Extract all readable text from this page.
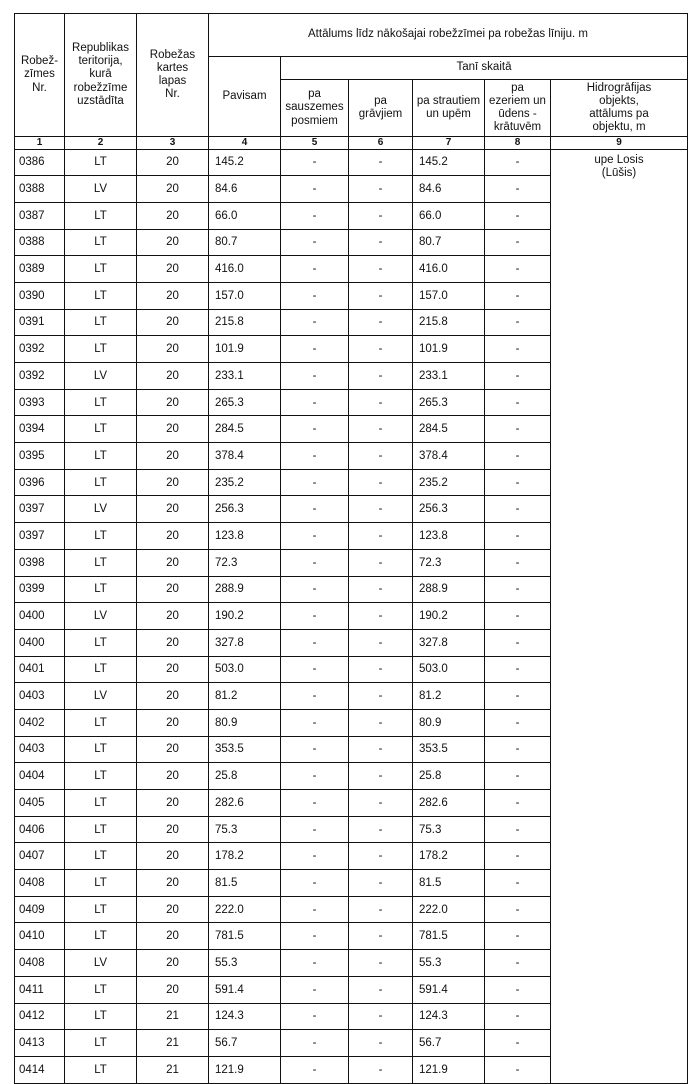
Robež-
zīmes
Nr.	Republikas
teritorija,
kurā
robežzīme
uzstādīta	Robežas
kartes
lapas
Nr.	Attālums līdz nākošajai robežzīmei pa robežas līniju. m					
			Pavisam	Tanī skaitā				
				pa
sauszemes
posmiem	pa
grāvjiem	pa strautiem
un upēm	pa
ezeriem un
ūdens -
krātuvēm	Hidrogrāfijas
objekts,
attālums pa
objektu, m
1	2	3	4	5	6	7	8	9
0386	LT	20	145.2	-	-	145.2	-	upe Losis
(Lūšis)
0388	LV	20	84.6	-	-	84.6	-	
0387	LT	20	66.0	-	-	66.0	-	
0388	LT	20	80.7	-	-	80.7	-	
0389	LT	20	416.0	-	-	416.0	-	
0390	LT	20	157.0	-	-	157.0	-	
0391	LT	20	215.8	-	-	215.8	-	
0392	LT	20	101.9	-	-	101.9	-	
0392	LV	20	233.1	-	-	233.1	-	
0393	LT	20	265.3	-	-	265.3	-	
0394	LT	20	284.5	-	-	284.5	-	
0395	LT	20	378.4	-	-	378.4	-	
0396	LT	20	235.2	-	-	235.2	-	
0397	LV	20	256.3	-	-	256.3	-	
0397	LT	20	123.8	-	-	123.8	-	
0398	LT	20	72.3	-	-	72.3	-	
0399	LT	20	288.9	-	-	288.9	-	
0400	LV	20	190.2	-	-	190.2	-	
0400	LT	20	327.8	-	-	327.8	-	
0401	LT	20	503.0	-	-	503.0	-	
0403	LV	20	81.2	-	-	81.2	-	
0402	LT	20	80.9	-	-	80.9	-	
0403	LT	20	353.5	-	-	353.5	-	
0404	LT	20	25.8	-	-	25.8	-	
0405	LT	20	282.6	-	-	282.6	-	
0406	LT	20	75.3	-	-	75.3	-	
0407	LT	20	178.2	-	-	178.2	-	
0408	LT	20	81.5	-	-	81.5	-	
0409	LT	20	222.0	-	-	222.0	-	
0410	LT	20	781.5	-	-	781.5	-	
0408	LV	20	55.3	-	-	55.3	-	
0411	LT	20	591.4	-	-	591.4	-	
0412	LT	21	124.3	-	-	124.3	-	
0413	LT	21	56.7	-	-	56.7	-	
0414	LT	21	121.9	-	-	121.9	-	
